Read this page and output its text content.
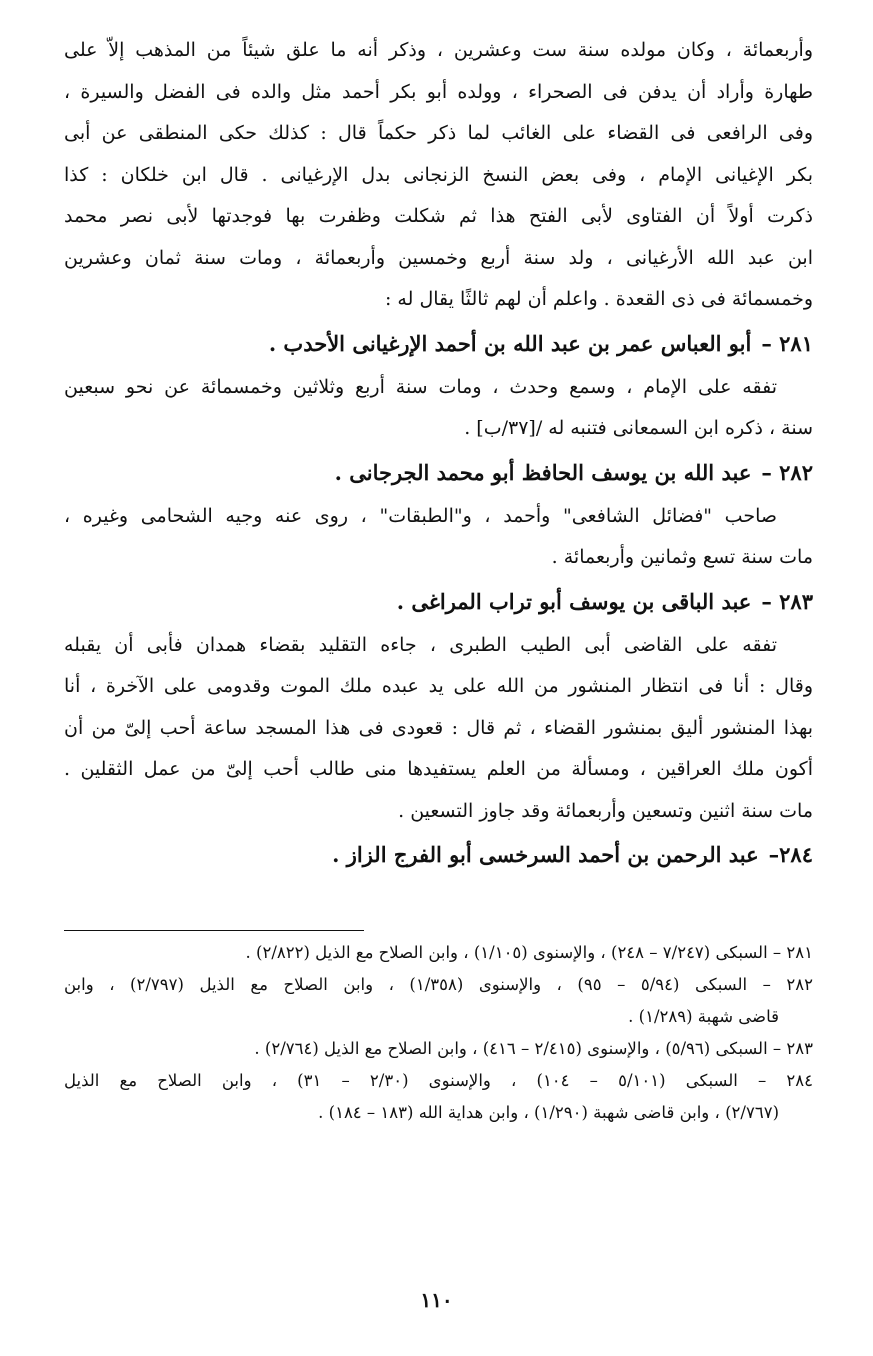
وأربعمائة ، وكان مولده سنة ست وعشرين ، وذكر أنه ما علق شيئاً من المذهب إلاّ على
طهارة وأراد أن يدفن فى الصحراء ، وولده أبو بكر أحمد مثل والده فى الفضل والسيرة ،
وفى الرافعى فى القضاء على الغائب لما ذكر حكماً قال : كذلك حكى المنطقى عن أبى
بكر الإغيانى الإمام ، وفى بعض النسخ الزنجانى بدل الإرغيانى . قال ابن خلكان : كذا
ذكرت أولاً أن الفتاوى لأبى الفتح هذا ثم شكلت وظفرت بها فوجدتها لأبى نصر محمد
ابن عبد الله الأرغيانى ، ولد سنة أربع وخمسين وأربعمائة ، ومات سنة ثمان وعشرين
وخمسمائة فى ذى القعدة . واعلم أن لهم ثالثًا يقال له :
٢٨١ –أبو العباس عمر بن عبد الله بن أحمد الإرغيانى الأحدب .
تفقه على الإمام ، وسمع وحدث ، ومات سنة أربع وثلاثين وخمسمائة عن نحو سبعين
سنة ، ذكره ابن السمعانى فتنبه له /[٣٧/ب] .
٢٨٢ –عبد الله بن يوسف الحافظ أبو محمد الجرجانى .
صاحب "فضائل الشافعى" وأحمد ، و"الطبقات" ، روى عنه وجيه الشحامى وغيره ،
مات سنة تسع وثمانين وأربعمائة .
٢٨٣ –عبد الباقى بن يوسف أبو تراب المراغى .
تفقه على القاضى أبى الطيب الطبرى ، جاءه التقليد بقضاء همدان فأبى أن يقبله
وقال : أنا فى انتظار المنشور من الله على يد عبده ملك الموت وقدومى على الآخرة ، أنا
بهذا المنشور أليق بمنشور القضاء ، ثم قال : قعودى فى هذا المسجد ساعة أحب إلىّ من أن
أكون ملك العراقين ، ومسألة من العلم يستفيدها منى طالب أحب إلىّ من عمل الثقلين .
مات سنة اثنين وتسعين وأربعمائة وقد جاوز التسعين .
٢٨٤–عبد الرحمن بن أحمد السرخسى أبو الفرج الزاز .
٢٨١ – السبكى (٧/٢٤٧ – ٢٤٨) ، والإسنوى (١/١٠٥) ، وابن الصلاح مع الذيل (٢/٨٢٢) .
٢٨٢ – السبكى (٥/٩٤ – ٩٥) ، والإسنوى (١/٣٥٨) ، وابن الصلاح مع الذيل (٢/٧٩٧) ، وابن
قاضى شهبة (١/٢٨٩) .
٢٨٣ – السبكى (٥/٩٦) ، والإسنوى (٢/٤١٥ – ٤١٦) ، وابن الصلاح مع الذيل (٢/٧٦٤) .
٢٨٤ – السبكى (٥/١٠١ – ١٠٤) ، والإسنوى (٢/٣٠ – ٣١) ، وابن الصلاح مع الذيل
(٢/٧٦٧) ، وابن قاضى شهبة (١/٢٩٠) ، وابن هداية الله (١٨٣ – ١٨٤) .
١١٠
